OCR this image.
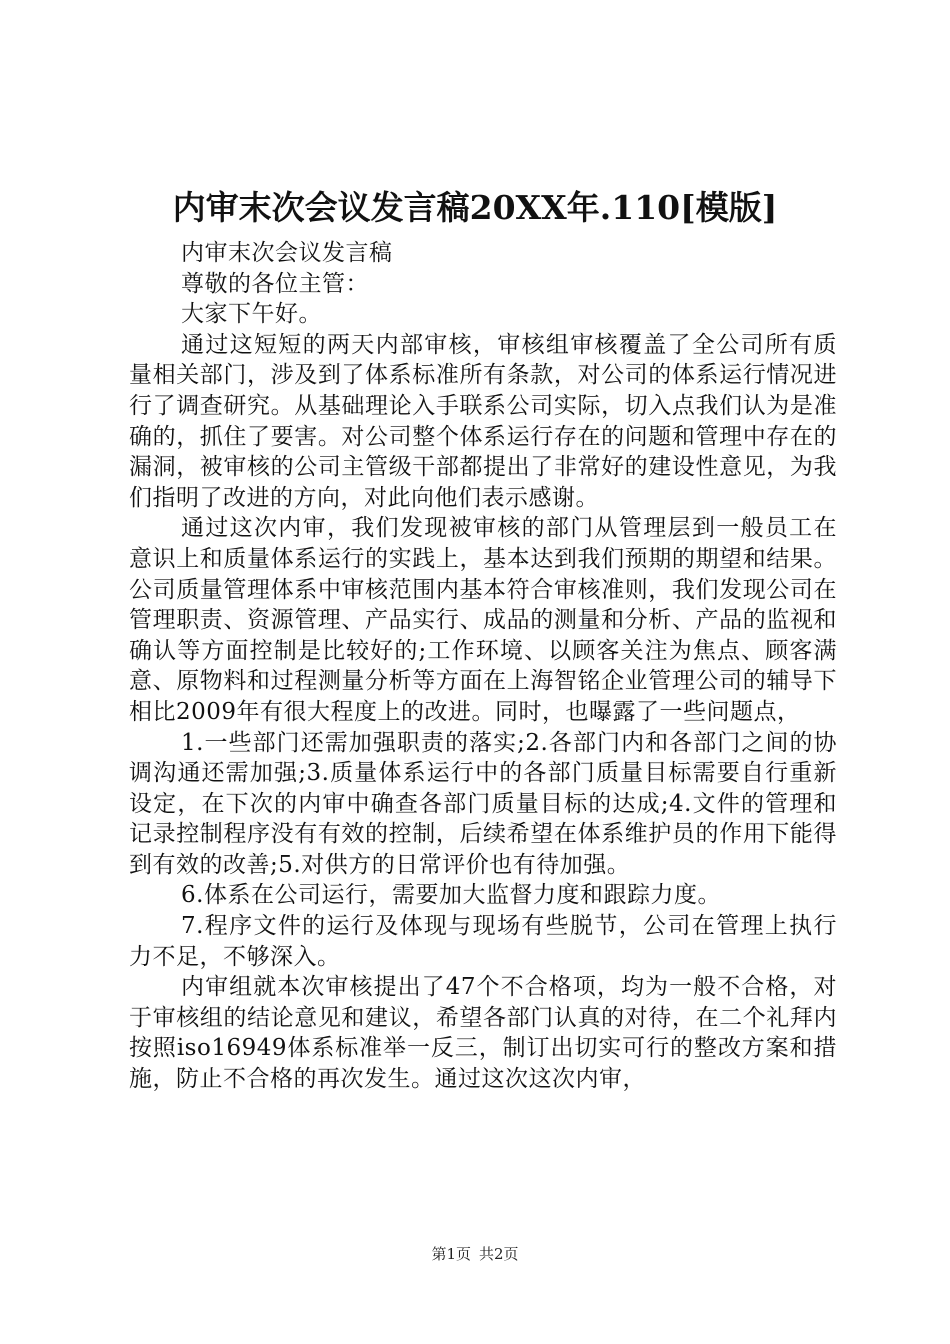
内审末次会议发言稿20XX年.110[模版]

内审末次会议发言稿

尊敬的各位主管：

大家下午好。

通过这短短的两天内部审核，审核组审核覆盖了全公司所有质量相关部门，涉及到了体系标准所有条款，对公司的体系运行情况进行了调查研究。从基础理论入手联系公司实际，切入点我们认为是准确的，抓住了要害。对公司整个体系运行存在的问题和管理中存在的漏洞，被审核的公司主管级干部都提出了非常好的建设性意见，为我们指明了改进的方向，对此向他们表示感谢。

通过这次内审，我们发现被审核的部门从管理层到一般员工在意识上和质量体系运行的实践上，基本达到我们预期的期望和结果。公司质量管理体系中审核范围内基本符合审核准则，我们发现公司在管理职责、资源管理、产品实行、成品的测量和分析、产品的监视和确认等方面控制是比较好的;工作环境、以顾客关注为焦点、顾客满意、原物料和过程测量分析等方面在上海智铭企业管理公司的辅导下相比2009年有很大程度上的改进。同时，也曝露了一些问题点，

1.一些部门还需加强职责的落实;2.各部门内和各部门之间的协调沟通还需加强;3.质量体系运行中的各部门质量目标需要自行重新设定，在下次的内审中确查各部门质量目标的达成;4.文件的管理和记录控制程序没有有效的控制，后续希望在体系维护员的作用下能得到有效的改善;5.对供方的日常评价也有待加强。

6.体系在公司运行，需要加大监督力度和跟踪力度。

7.程序文件的运行及体现与现场有些脱节，公司在管理上执行力不足，不够深入。

内审组就本次审核提出了47个不合格项，均为一般不合格，对于审核组的结论意见和建议，希望各部门认真的对待，在二个礼拜内按照iso16949体系标准举一反三，制订出切实可行的整改方案和措施，防止不合格的再次发生。通过这次这次内审，

第1页 共2页
